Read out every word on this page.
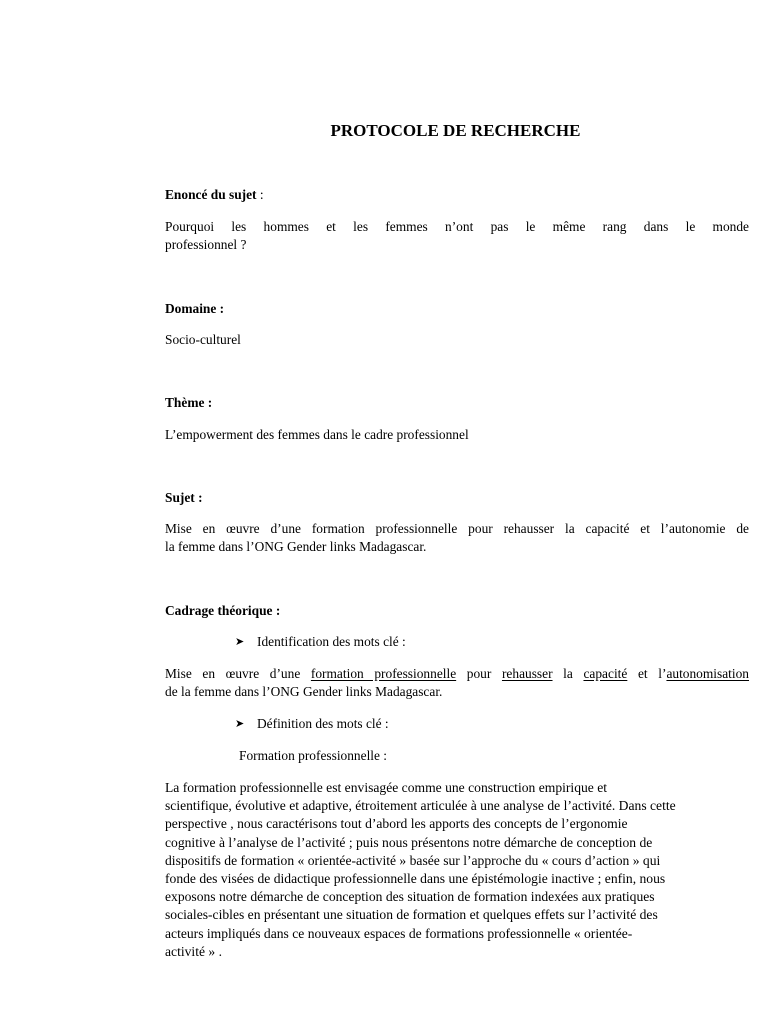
PROTOCOLE DE RECHERCHE

Enoncé du sujet :

Pourquoi les hommes et les femmes n’ont pas le même rang dans le monde
professionnel ?

Domaine :

Socio-culturel

Thème :

L’empowerment des femmes dans le cadre professionnel

Sujet :

Mise en œuvre d’une formation professionnelle pour rehausser la capacité et l’autonomie de
la femme dans l’ONG Gender links Madagascar.

Cadrage théorique :

➤ Identification des mots clé :

Mise en œuvre d’une formation professionnelle pour rehausser la capacité et l’autonomisation
de la femme dans l’ONG Gender links Madagascar.

➤ Définition des mots clé :

Formation professionnelle :

La formation professionnelle est envisagée comme une construction empirique et
scientifique, évolutive et adaptive, étroitement articulée à une analyse de l’activité. Dans cette
perspective , nous caractérisons tout d’abord les apports des concepts de l’ergonomie
cognitive à l’analyse de l’activité ; puis nous présentons notre démarche de conception de
dispositifs de formation « orientée-activité » basée sur l’approche du « cours d’action » qui
fonde des visées de didactique professionnelle dans une épistémologie inactive ; enfin, nous
exposons notre démarche de conception des situation de formation indexées aux pratiques
sociales-cibles en présentant une situation de formation et quelques effets sur l’activité des
acteurs impliqués dans ce nouveaux espaces de formations professionnelle « orientée-
activité » .
